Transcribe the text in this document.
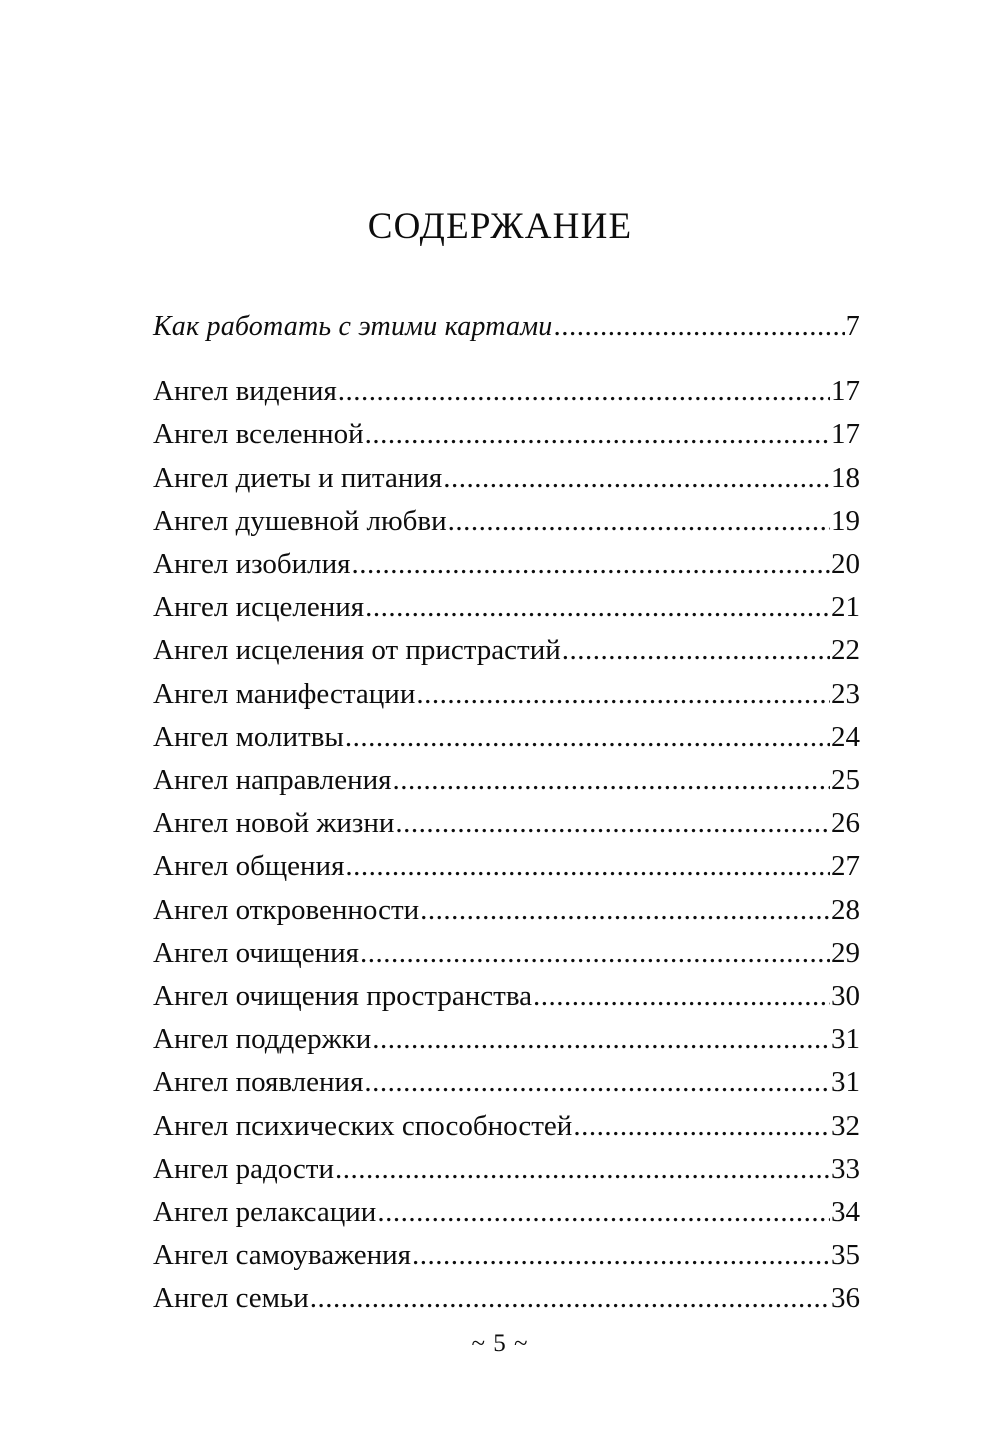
СОДЕРЖАНИЕ
Как работать с этими картами .....	7
Ангел видения .....	17
Ангел вселенной .....	17
Ангел диеты и питания .....	18
Ангел душевной любви .....	19
Ангел изобилия .....	20
Ангел исцеления .....	21
Ангел исцеления от пристрастий .....	22
Ангел манифестации .....	23
Ангел молитвы .....	24
Ангел направления .....	25
Ангел новой жизни .....	26
Ангел общения .....	27
Ангел откровенности .....	28
Ангел очищения .....	29
Ангел очищения пространства .....	30
Ангел поддержки .....	31
Ангел появления .....	31
Ангел психических способностей .....	32
Ангел радости .....	33
Ангел релаксации .....	34
Ангел самоуважения .....	35
Ангел семьи .....	36
~ 5 ~
